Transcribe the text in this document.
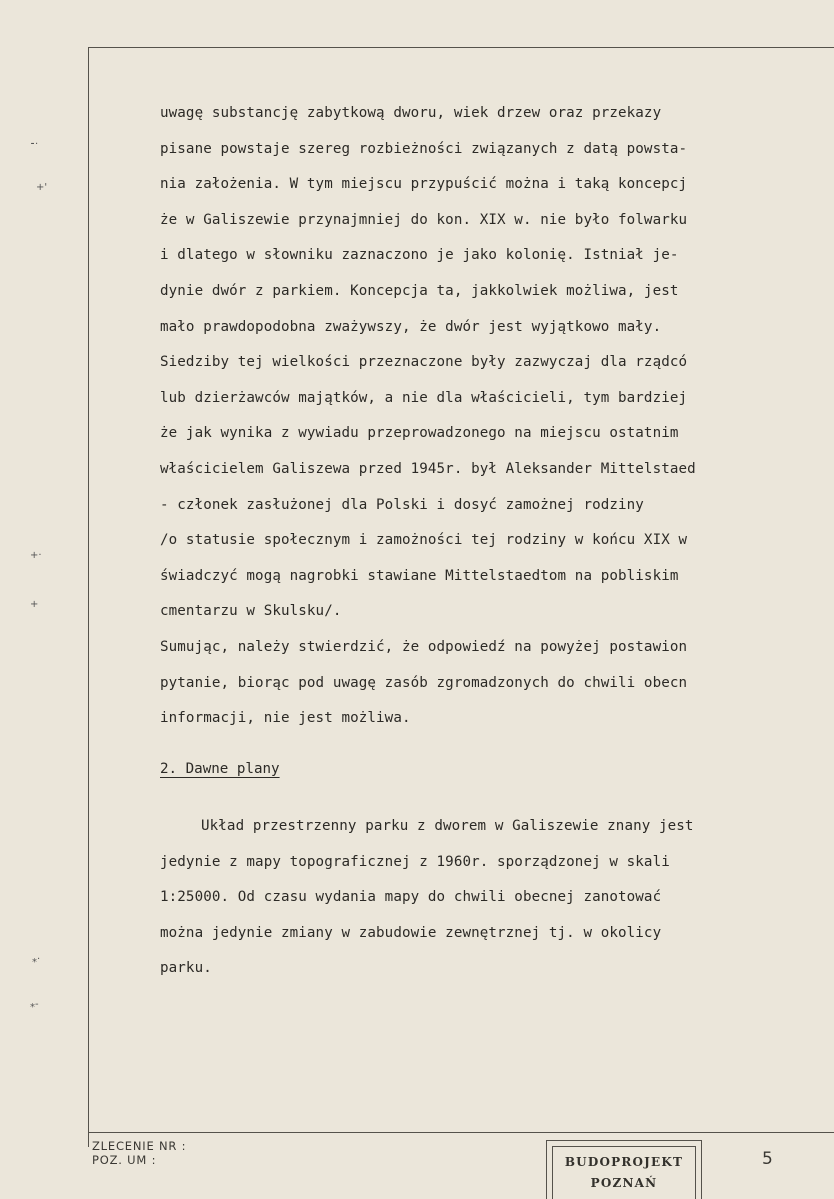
⁃·
+'
+·
+
⁎·
⁎-
uwagę substancję zabytkową dworu, wiek drzew oraz przekazy
pisane powstaje szereg rozbieżności związanych z datą powsta-
nia założenia. W tym miejscu przypuścić można i taką koncepcj
że w Galiszewie przynajmniej do kon. XIX w. nie było folwarku
i dlatego w słowniku zaznaczono je jako kolonię. Istniał je-
dynie dwór z parkiem. Koncepcja ta, jakkolwiek możliwa, jest
mało prawdopodobna zważywszy, że dwór jest wyjątkowo mały.
Siedziby tej wielkości przeznaczone były zazwyczaj dla rządcó
lub dzierżawców majątków, a nie dla właścicieli, tym bardziej
że jak wynika z wywiadu przeprowadzonego na miejscu ostatnim
właścicielem Galiszewa przed 1945r. był Aleksander Mittelstaed
- członek zasłużonej dla Polski i dosyć zamożnej rodziny
/o statusie społecznym i zamożności tej rodziny w końcu XIX w
świadczyć mogą nagrobki stawiane Mittelstaedtom na pobliskim
cmentarzu w Skulsku/.
Sumując, należy stwierdzić, że odpowiedź na powyżej postawion
pytanie, biorąc pod uwagę zasób zgromadzonych do chwili obecn
informacji, nie jest możliwa.
2. Dawne plany
Układ przestrzenny parku z dworem w Galiszewie znany jest
jedynie z mapy topograficznej z 1960r. sporządzonej w skali
1:25000. Od czasu wydania mapy do chwili obecnej zanotować
można jedynie zmiany w zabudowie zewnętrznej tj. w okolicy
parku.
ZLECENIE NR :
POZ. UM :	BUDOPROJEKT
POZNAŃ
5
